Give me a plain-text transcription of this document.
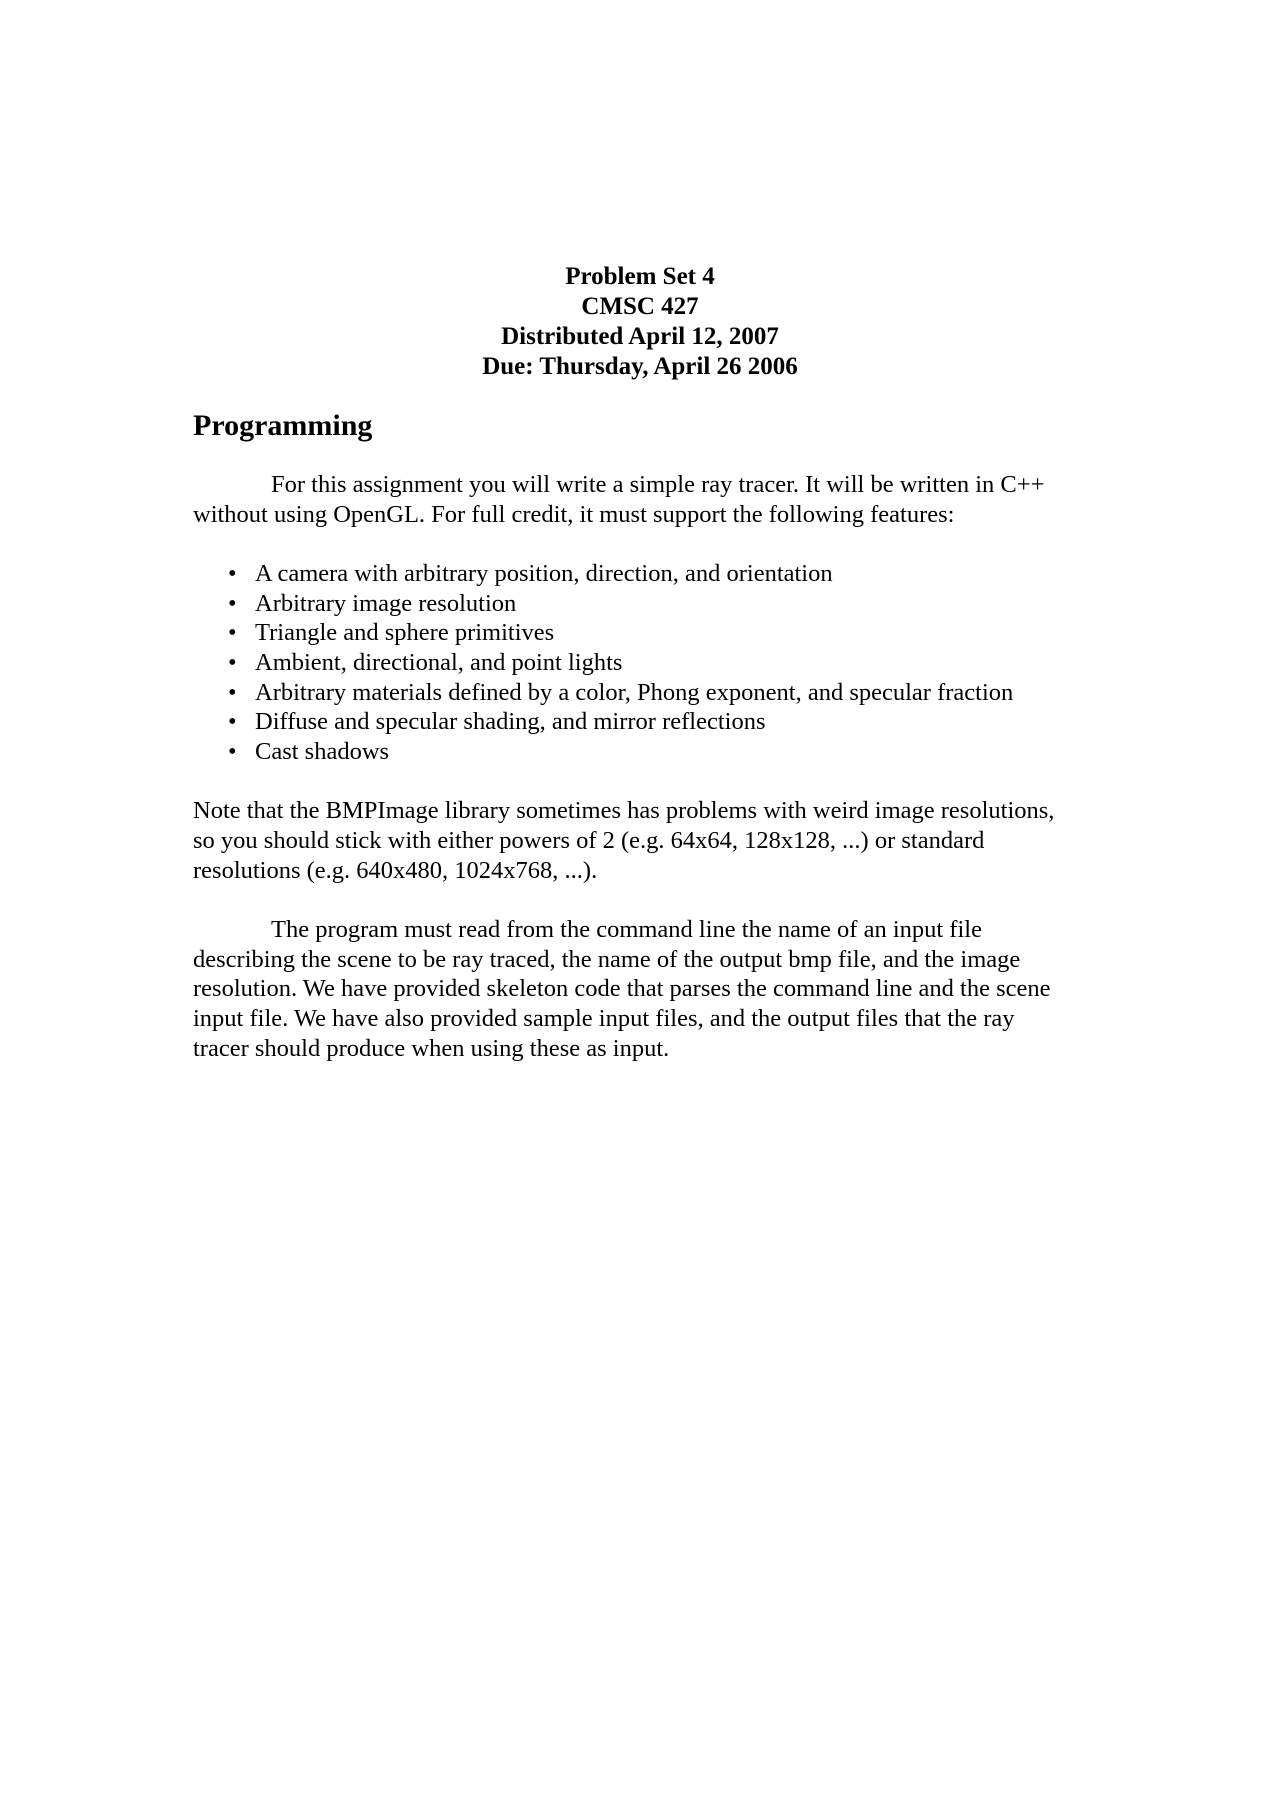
Problem Set 4
CMSC 427
Distributed April 12, 2007
Due: Thursday, April 26 2006
Programming

For this assignment you will write a simple ray tracer. It will be written in C++
without using OpenGL. For full credit, it must support the following features:

• A camera with arbitrary position, direction, and orientation
• Arbitrary image resolution
• Triangle and sphere primitives
• Ambient, directional, and point lights
• Arbitrary materials defined by a color, Phong exponent, and specular fraction
• Diffuse and specular shading, and mirror reflections
• Cast shadows

Note that the BMPImage library sometimes has problems with weird image resolutions,
so you should stick with either powers of 2 (e.g. 64x64, 128x128, ...) or standard
resolutions (e.g. 640x480, 1024x768, ...).

The program must read from the command line the name of an input file
describing the scene to be ray traced, the name of the output bmp file, and the image
resolution. We have provided skeleton code that parses the command line and the scene
input file. We have also provided sample input files, and the output files that the ray
tracer should produce when using these as input.
